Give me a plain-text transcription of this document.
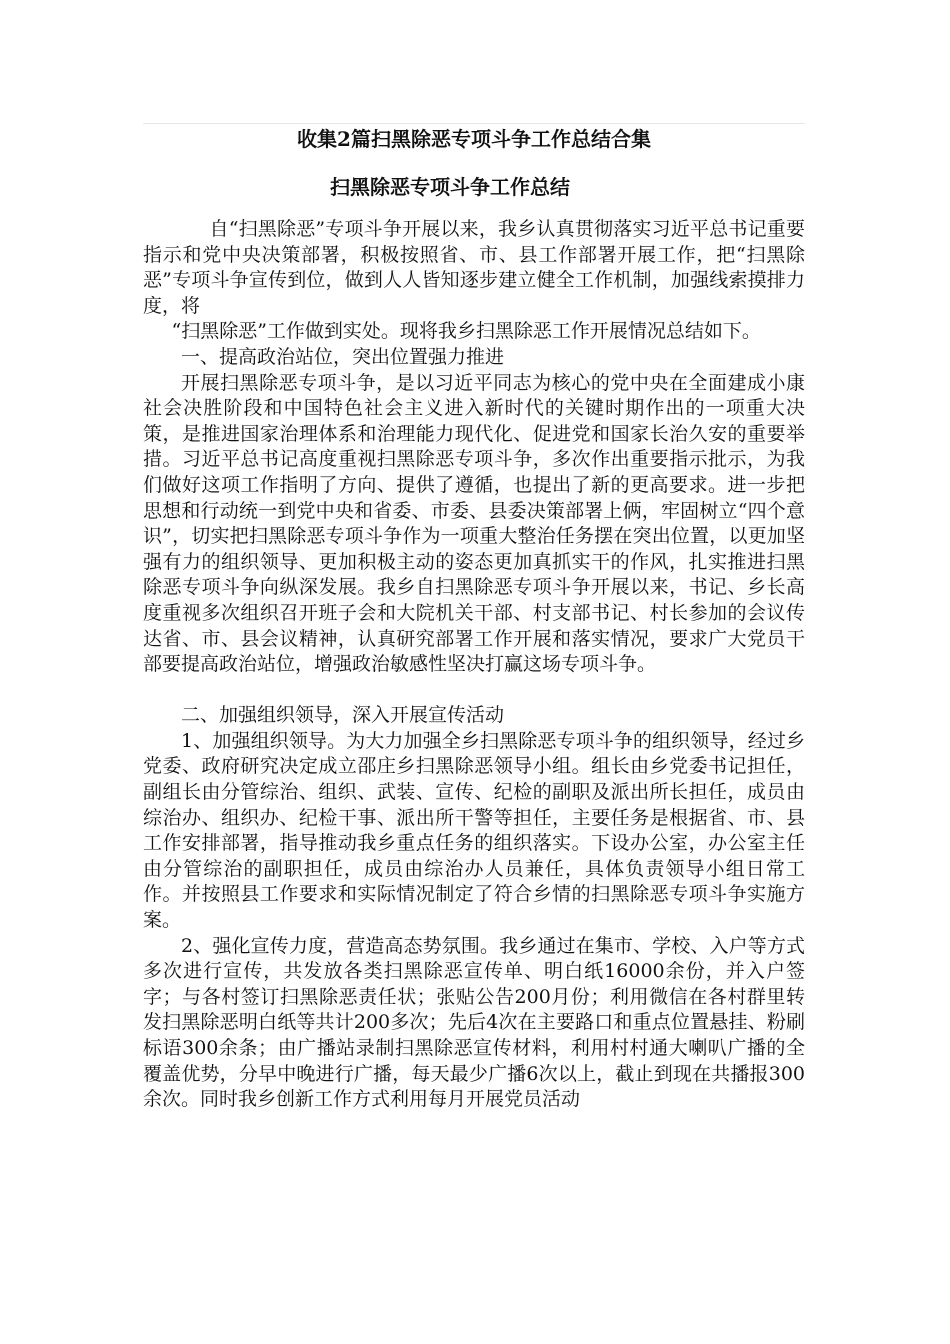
收集2篇扫黑除恶专项斗争工作总结合集
扫黑除恶专项斗争工作总结

自“扫黑除恶”专项斗争开展以来，我乡认真贯彻落实习近平总书记重要指示和党中央决策部署，积极按照省、市、县工作部署开展工作，把“扫黑除恶”专项斗争宣传到位，做到人人皆知逐步建立健全工作机制，加强线索摸排力度，将

“扫黑除恶”工作做到实处。现将我乡扫黑除恶工作开展情况总结如下。

一、提高政治站位，突出位置强力推进

开展扫黑除恶专项斗争，是以习近平同志为核心的党中央在全面建成小康社会决胜阶段和中国特色社会主义进入新时代的关键时期作出的一项重大决策，是推进国家治理体系和治理能力现代化、促进党和国家长治久安的重要举措。习近平总书记高度重视扫黑除恶专项斗争，多次作出重要指示批示，为我们做好这项工作指明了方向、提供了遵循，也提出了新的更高要求。进一步把思想和行动统一到党中央和省委、市委、县委决策部署上俩，牢固树立“四个意识”，切实把扫黑除恶专项斗争作为一项重大整治任务摆在突出位置，以更加坚强有力的组织领导、更加积极主动的姿态更加真抓实干的作风，扎实推进扫黑除恶专项斗争向纵深发展。我乡自扫黑除恶专项斗争开展以来，书记、乡长高度重视多次组织召开班子会和大院机关干部、村支部书记、村长参加的会议传达省、市、县会议精神，认真研究部署工作开展和落实情况，要求广大党员干部要提高政治站位，增强政治敏感性坚决打赢这场专项斗争。

二、加强组织领导，深入开展宣传活动

1、加强组织领导。为大力加强全乡扫黑除恶专项斗争的组织领导，经过乡党委、政府研究决定成立邵庄乡扫黑除恶领导小组。组长由乡党委书记担任，副组长由分管综治、组织、武装、宣传、纪检的副职及派出所长担任，成员由综治办、组织办、纪检干事、派出所干警等担任，主要任务是根据省、市、县工作安排部署，指导推动我乡重点任务的组织落实。下设办公室，办公室主任由分管综治的副职担任，成员由综治办人员兼任，具体负责领导小组日常工作。并按照县工作要求和实际情况制定了符合乡情的扫黑除恶专项斗争实施方案。

2、强化宣传力度，营造高态势氛围。我乡通过在集市、学校、入户等方式多次进行宣传，共发放各类扫黑除恶宣传单、明白纸16000余份，并入户签字；与各村签订扫黑除恶责任状；张贴公告200月份；利用微信在各村群里转发扫黑除恶明白纸等共计200多次；先后4次在主要路口和重点位置悬挂、粉刷标语300余条；由广播站录制扫黑除恶宣传材料，利用村村通大喇叭广播的全覆盖优势，分早中晚进行广播，每天最少广播6次以上，截止到现在共播报300余次。同时我乡创新工作方式利用每月开展党员活动
